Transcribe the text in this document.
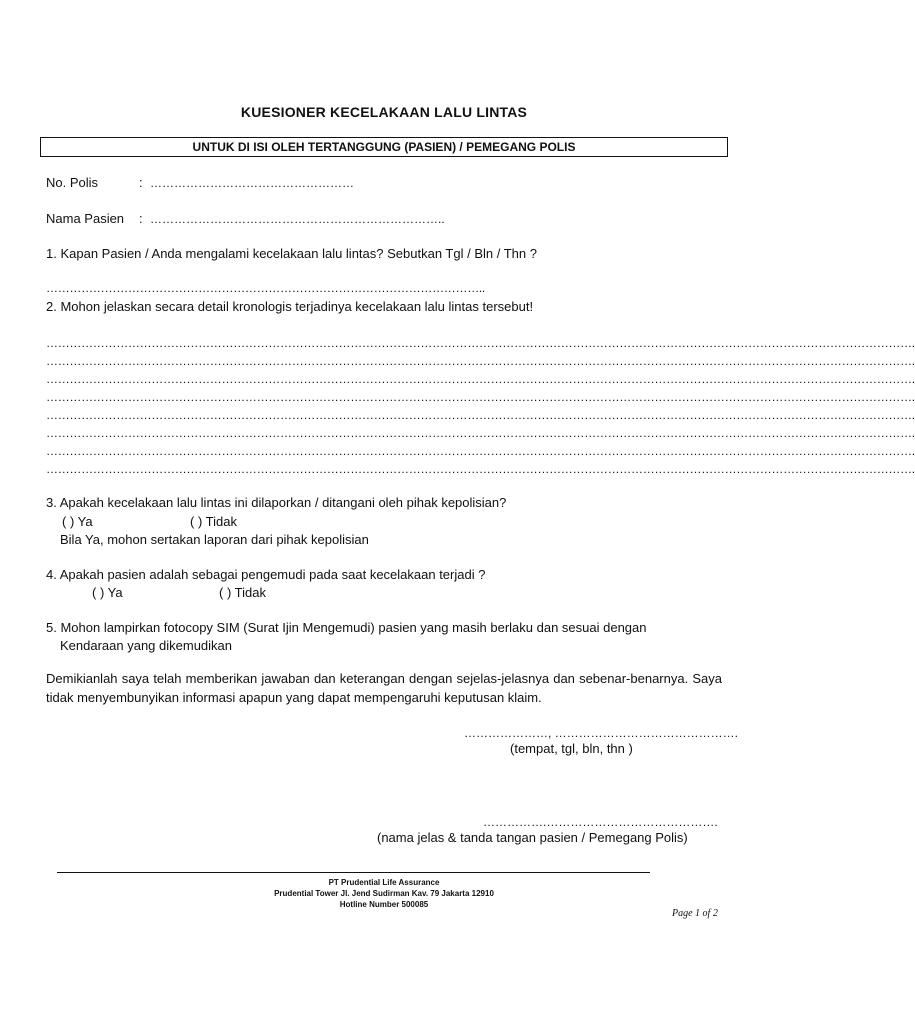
KUESIONER KECELAKAAN LALU LINTAS
UNTUK DI ISI OLEH TERTANGGUNG (PASIEN) / PEMEGANG POLIS
No. Polis	: ……………………………………………
Nama Pasien : ………………………………………………………………..
1. Kapan Pasien / Anda mengalami kecelakaan lalu lintas? Sebutkan Tgl / Bln / Thn ?
…………………………………………………………………………………………………..
2. Mohon jelaskan secara detail kronologis terjadinya kecelakaan lalu lintas tersebut!
…………………………………………………………………………………………………………………………………………………………………………………………………….
…………………………………………………………………………………………………………………………………………………………………………………………………….
…………………………………………………………………………………………………………………………………………………………………………………………………….
…………………………………………………………………………………………………………………………………………………………………………………………………….
…………………………………………………………………………………………………………………………………………………………………………………………………….
…………………………………………………………………………………………………………………………………………………………………………………………………….
…………………………………………………………………………………………………………………………………………………………………………………………………….
…………………………………………………………………………………………………………………………………………………………………………………………………….
3. Apakah kecelakaan lalu lintas ini dilaporkan / ditangani oleh pihak kepolisian?
( ) Ya	( ) Tidak
Bila Ya, mohon sertakan laporan dari pihak kepolisian
4. Apakah pasien adalah sebagai pengemudi pada saat kecelakaan terjadi ?
( ) Ya	( ) Tidak
5. Mohon lampirkan fotocopy SIM (Surat Ijin Mengemudi) pasien yang masih berlaku dan sesuai dengan
Kendaraan yang dikemudikan
Demikianlah saya telah memberikan jawaban dan keterangan dengan sejelas-jelasnya dan sebenar-benarnya. Saya tidak menyembunyikan informasi apapun yang dapat mempengaruhi keputusan klaim.
…………………, ……………………………………….
(tempat, tgl, bln, thn )
…………….…………………………………….
(nama jelas & tanda tangan pasien / Pemegang Polis)
PT Prudential Life Assurance
Prudential Tower Jl. Jend Sudirman Kav. 79 Jakarta 12910
Hotline Number 500085
Page 1 of 2
